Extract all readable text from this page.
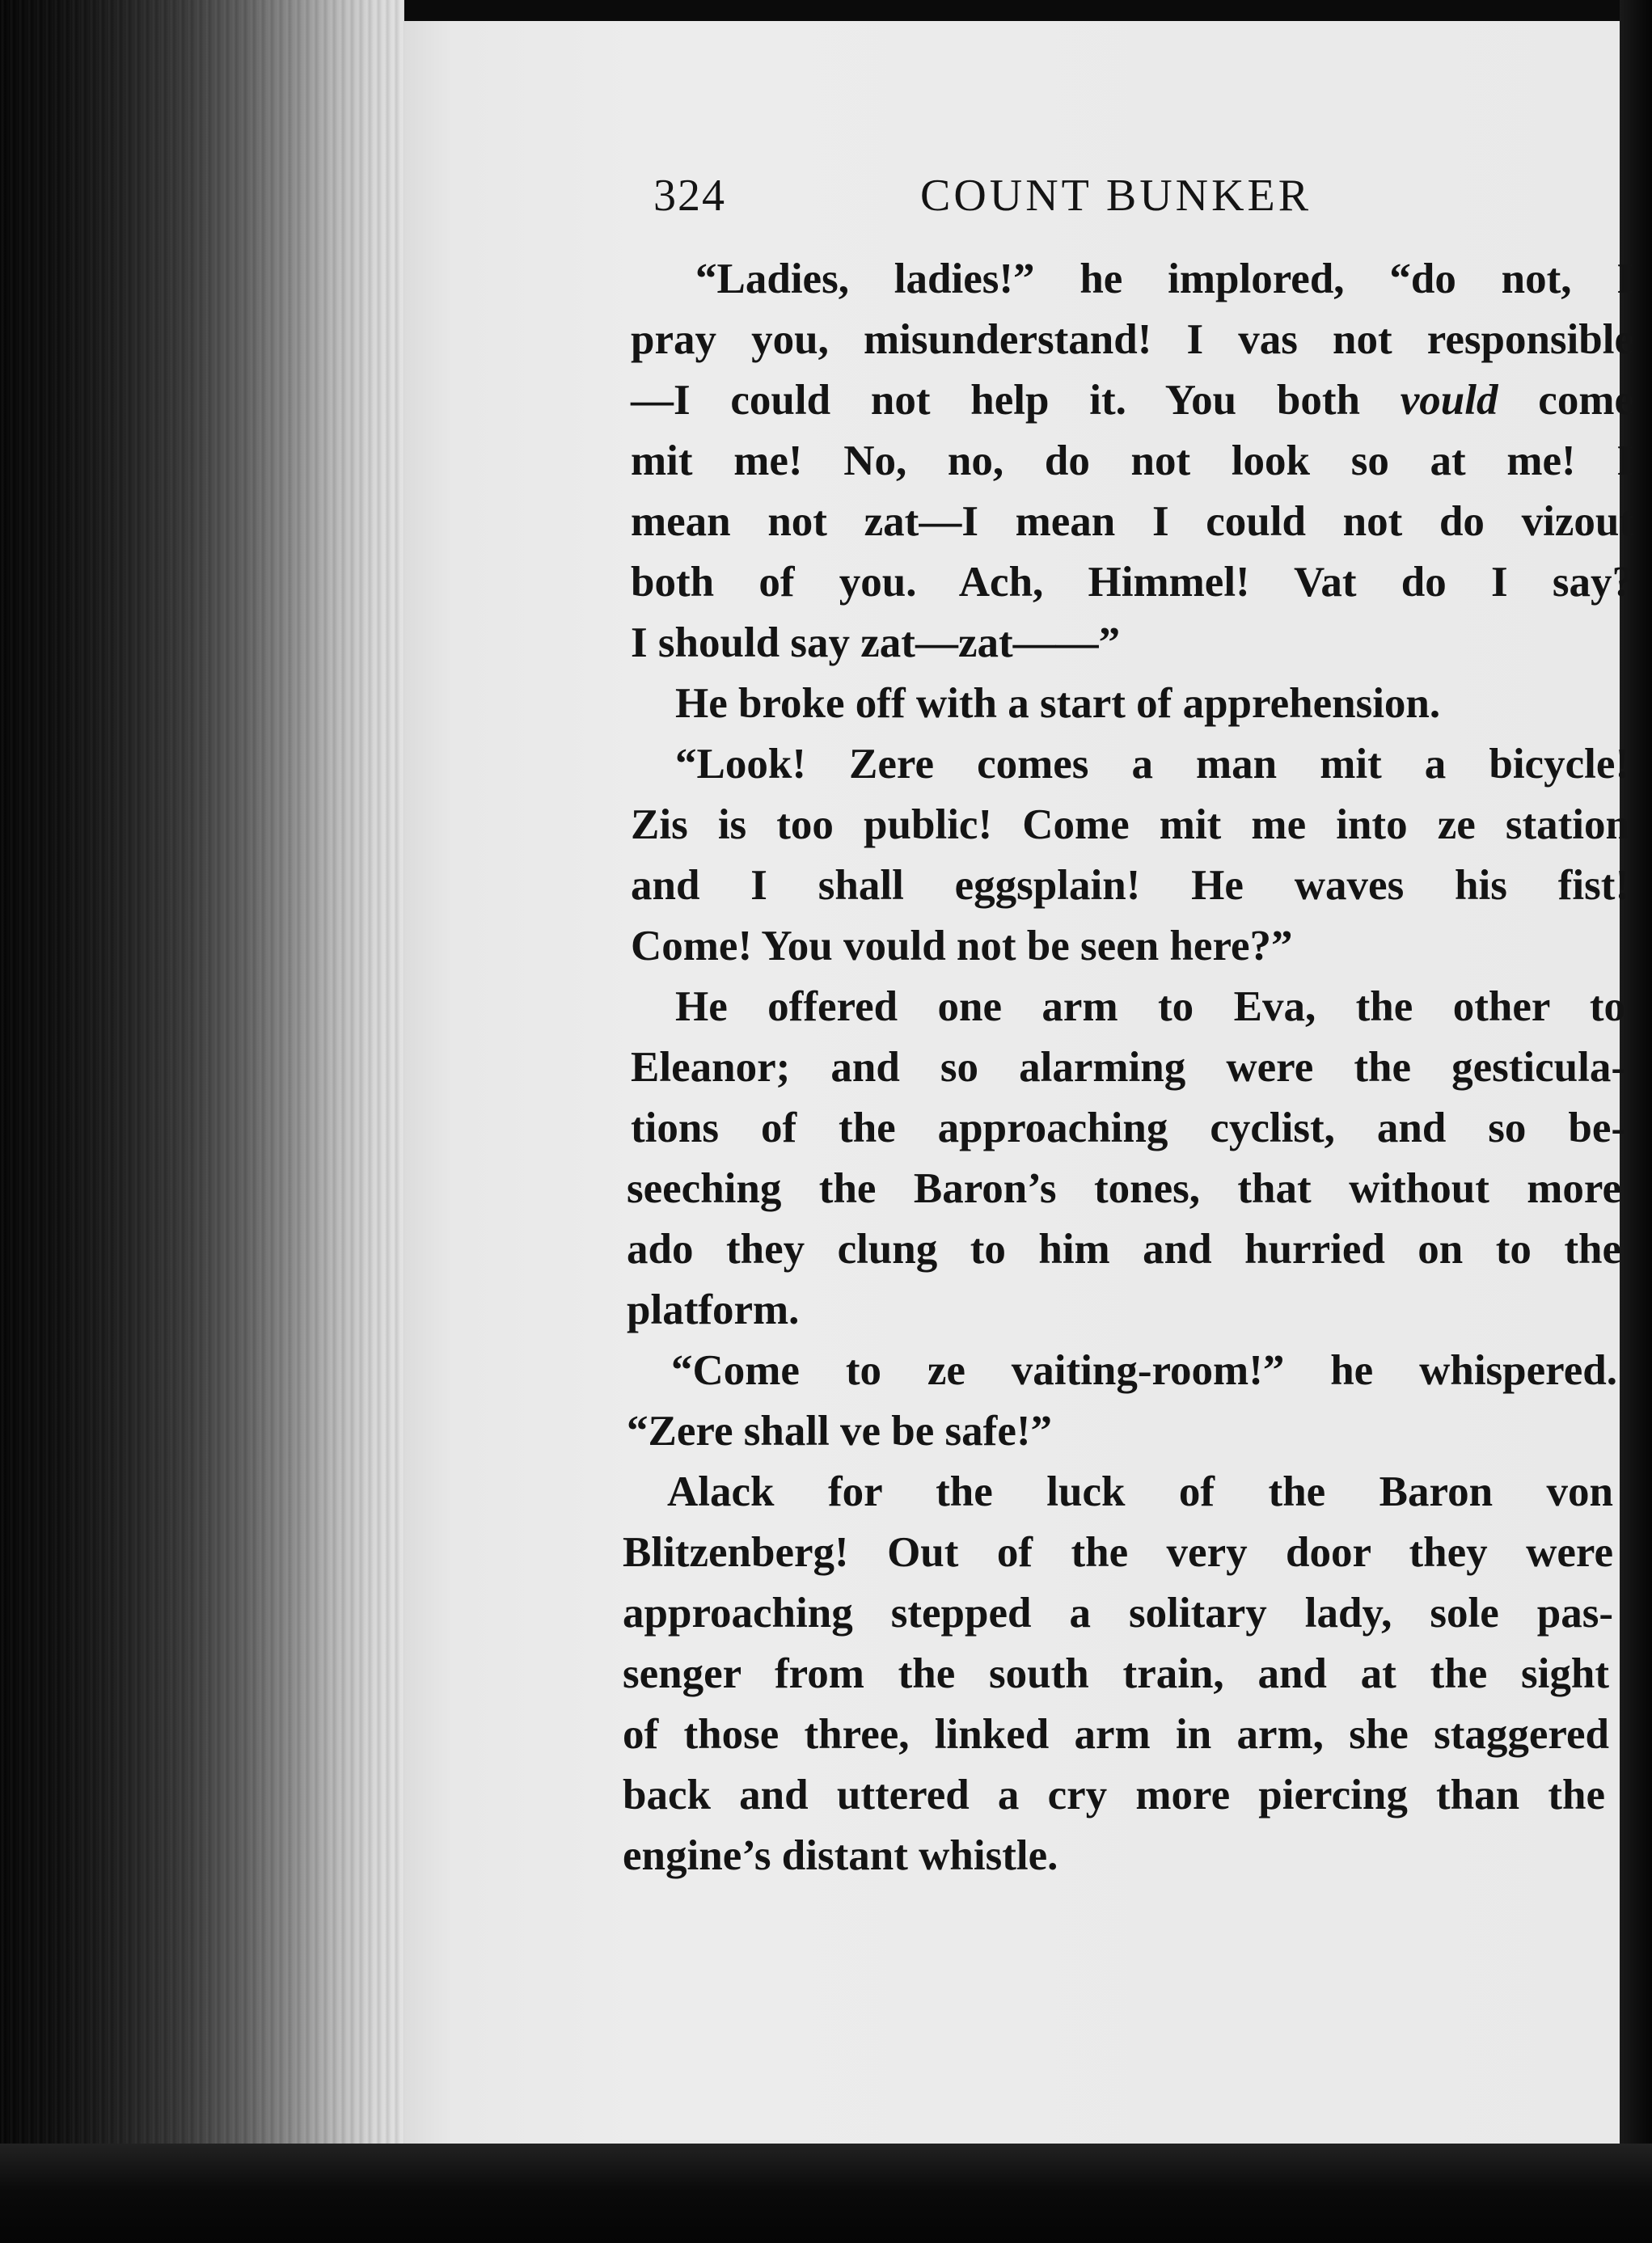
324	COUNT BUNKER
“Ladies, ladies!” he implored, “do not, I
pray you, misunderstand! I vas not responsible
—I could not help it. You both vould come
mit me! No, no, do not look so at me! I
mean not zat—I mean I could not do vizout
both of you. Ach, Himmel! Vat do I say?
I should say zat—zat——”
He broke off with a start of apprehension.
“Look! Zere comes a man mit a bicycle!
Zis is too public! Come mit me into ze station
and I shall eggsplain! He waves his fist!
Come! You vould not be seen here?”
He offered one arm to Eva, the other to
Eleanor; and so alarming were the gesticula-
tions of the approaching cyclist, and so be-
seeching the Baron’s tones, that without more
ado they clung to him and hurried on to the
platform.
“Come to ze vaiting-room!” he whispered.
“Zere shall ve be safe!”
Alack for the luck of the Baron von
Blitzenberg! Out of the very door they were
approaching stepped a solitary lady, sole pas-
senger from the south train, and at the sight
of those three, linked arm in arm, she staggered
back and uttered a cry more piercing than the
engine’s distant whistle.
